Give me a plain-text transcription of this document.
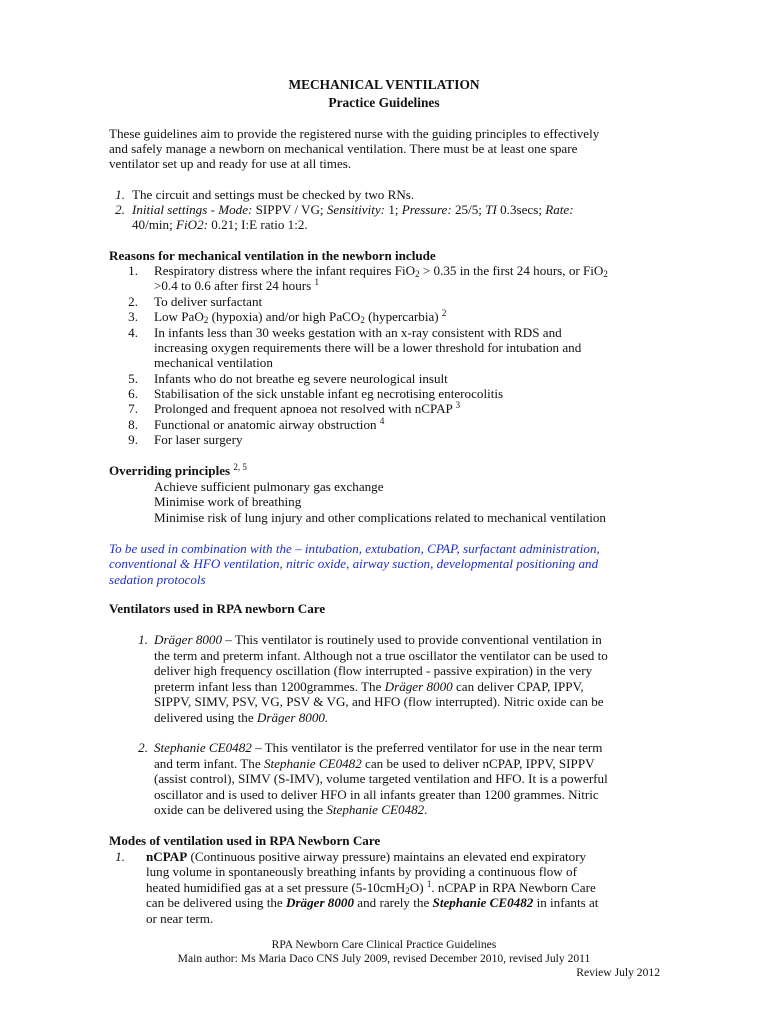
MECHANICAL VENTILATION
Practice Guidelines
These guidelines aim to provide the registered nurse with the guiding principles to effectively
and safely manage a newborn on mechanical ventilation. There must be at least one spare
ventilator set up and ready for use at all times.
1. The circuit and settings must be checked by two RNs.
2. Initial settings - Mode: SIPPV / VG; Sensitivity: 1; Pressure: 25/5; TI 0.3secs; Rate:
40/min; FiO2: 0.21; I:E ratio 1:2.
Reasons for mechanical ventilation in the newborn include
1. Respiratory distress where the infant requires FiO$_2$ > 0.35 in the first 24 hours, or FiO$_2$
>0.4 to 0.6 after first 24 hours $^1$
2. To deliver surfactant
3. Low PaO$_2$ (hypoxia) and/or high PaCO$_2$ (hypercarbia) $^2$
4. In infants less than 30 weeks gestation with an x-ray consistent with RDS and
increasing oxygen requirements there will be a lower threshold for intubation and
mechanical ventilation
5. Infants who do not breathe eg severe neurological insult
6. Stabilisation of the sick unstable infant eg necrotising enterocolitis
7. Prolonged and frequent apnoea not resolved with nCPAP $^3$
8. Functional or anatomic airway obstruction $^4$
9. For laser surgery
Overriding principles $^{2, 5}$
Achieve sufficient pulmonary gas exchange
Minimise work of breathing
Minimise risk of lung injury and other complications related to mechanical ventilation
To be used in combination with the – intubation, extubation, CPAP, surfactant administration,
conventional & HFO ventilation, nitric oxide, airway suction, developmental positioning and
sedation protocols
Ventilators used in RPA newborn Care
1. Dräger 8000 – This ventilator is routinely used to provide conventional ventilation in
the term and preterm infant. Although not a true oscillator the ventilator can be used to
deliver high frequency oscillation (flow interrupted - passive expiration) in the very
preterm infant less than 1200grammes. The Dräger 8000 can deliver CPAP, IPPV,
SIPPV, SIMV, PSV, VG, PSV & VG, and HFO (flow interrupted). Nitric oxide can be
delivered using the Dräger 8000.
2. Stephanie CE0482 – This ventilator is the preferred ventilator for use in the near term
and term infant. The Stephanie CE0482 can be used to deliver nCPAP, IPPV, SIPPV
(assist control), SIMV (S-IMV), volume targeted ventilation and HFO. It is a powerful
oscillator and is used to deliver HFO in all infants greater than 1200 grammes. Nitric
oxide can be delivered using the Stephanie CE0482.
Modes of ventilation used in RPA Newborn Care
1. nCPAP (Continuous positive airway pressure) maintains an elevated end expiratory
lung volume in spontaneously breathing infants by providing a continuous flow of
heated humidified gas at a set pressure (5-10cmH$_2$O) $^1$. nCPAP in RPA Newborn Care
can be delivered using the Dräger 8000 and rarely the Stephanie CE0482 in infants at
or near term.
RPA Newborn Care Clinical Practice Guidelines
Main author: Ms Maria Daco CNS July 2009, revised December 2010, revised July 2011
Review July 2012
